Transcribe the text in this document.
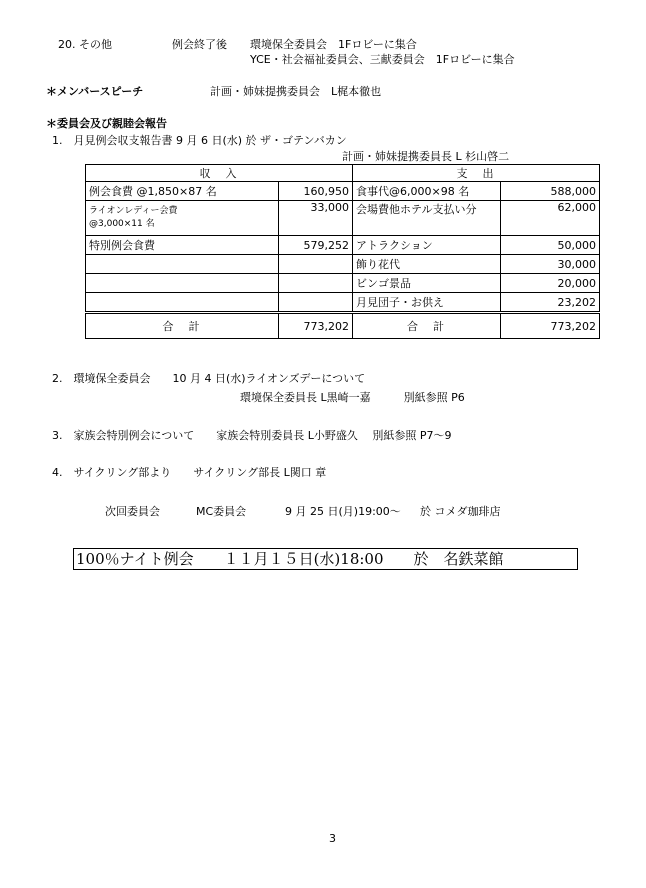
20. その他	例会終了後 環境保全委員会　1Fロビーに集合
YCE・社会福祉委員会、三献委員会　1Fロビーに集合
＊メンバースピーチ	計画・姉妹提携委員会　L梶本徹也
＊委員会及び親睦会報告
1.　月見例会収支報告書 9 月 6 日(水) 於 ザ・ゴテンバカン
計画・姉妹提携委員長 L 杉山啓二
収　入		支　出	
例会食費 @1,850×87 名	160,950	食事代@6,000×98 名	588,000

ライオンレディー会費
@3,000×11 名	33,000	会場費他ホテル支払い分	62,000
特別例会食費	579,252	アトラクション	50,000
		飾り花代	30,000
		ビンゴ景品	20,000
		月見団子・お供え	23,202
合　計	773,202	合　計	773,202
2.　環境保全委員会　　10 月 4 日(水)ライオンズデーについて
環境保全委員長 L黒崎一嘉　　　別紙参照 P6
3.　家族会特別例会について　　家族会特別委員長 L小野盛久　 別紙参照 P7～9
4.　サイクリング部より　　サイクリング部長 L関口 章
次回委員会	MC委員会	9 月 25 日(月)19:00～ 於 コメダ珈琲店
100％ナイト例会　　１１月１５日(水)18:00　　於　名鉄菜館
3
